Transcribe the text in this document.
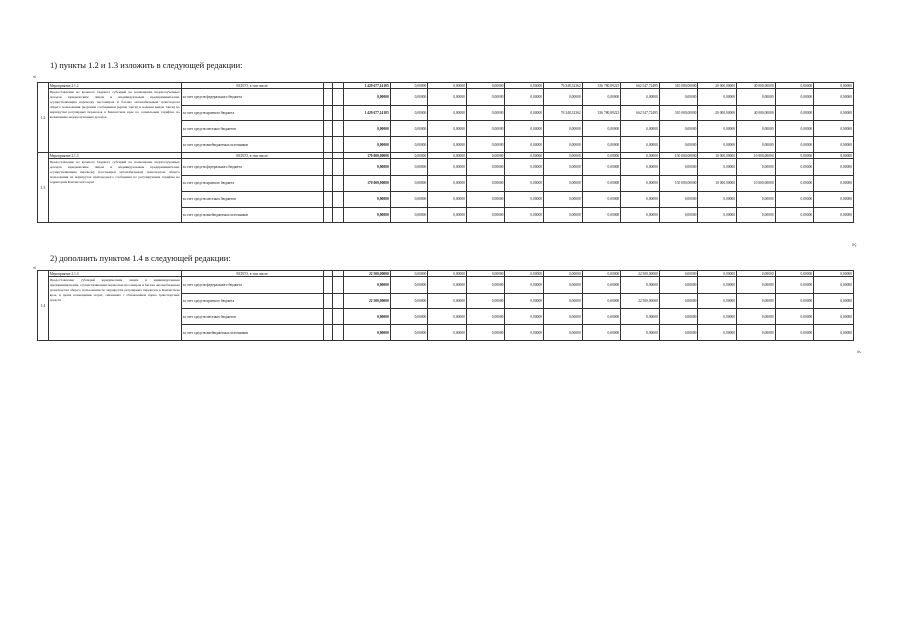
1) пункты 1.2 и 1.3 изложить в следующей редакции:
«
1.2	Мероприятие 2.1.2	ВСЕГО, в том числе:			1 429 677,14105	0,00000	0,00000	0,00000	0,00000	76 348,32362	336 780,89225	662 547,72495	310 000,00000	20 000,00000	40 000,00000	0,00000	0,00000
	Предоставление из краевого бюджета субсидий на возмещение недополученных доходов юридическим лицам и индивидуальным предпринимателям, осуществляющим перевозку пассажиров и багажа автомобильным транспортом общего пользования (морским сообщением (кроме такси) и водным видом такси) по маршрутам регулярных перевозок в Камчатском крае по социальным тарифам, на возмещение недополученных доходов	за счет средств федерального бюджета			0,00000	0,00000	0,00000	0,00000	0,00000	0,00000	0,00000	0,00000	0,00000	0,00000	0,00000	0,00000	0,00000
		за счет средств краевого бюджета			1 429 677,14105	0,00000	0,00000	0,00000	0,00000	76 348,32362	336 780,89225	662 547,72495	310 000,00000	20 000,00000	40 000,00000	0,00000	0,00000
		за счет средств местных бюджетов			0,00000	0,00000	0,00000	0,00000	0,00000	0,00000	0,00000	0,00000	0,00000	0,00000	0,00000	0,00000	0,00000
		за счет средств внебюджетных источников			0,00000	0,00000	0,00000	0,00000	0,00000	0,00000	0,00000	0,00000	0,00000	0,00000	0,00000	0,00000	0,00000
1.3	Мероприятие 2.1.3	ВСЕГО, в том числе:			170 000,00000	0,00000	0,00000	0,00000	0,00000	0,00000	0,00000	0,00000	150 000,00000	10 000,00000	10 000,00000	0,00000	0,00000
	Предоставление из краевого бюджета субсидий на возмещение недополученных доходов юридическим лицам и индивидуальным предпринимателям, осуществляющим перевозку пассажиров автомобильным транспортом общего пользования на маршрутах пригородного сообщения по регулируемым тарифам на территории Камчатского края	за счет средств федерального бюджета			0,00000	0,00000	0,00000	0,00000	0,00000	0,00000	0,00000	0,00000	0,00000	0,00000	0,00000	0,00000	0,00000
		за счет средств краевого бюджета			170 000,00000	0,00000	0,00000	0,00000	0,00000	0,00000	0,00000	0,00000	150 000,00000	10 000,00000	10 000,00000	0,00000	0,00000
		за счет средств местных бюджетов			0,00000	0,00000	0,00000	0,00000	0,00000	0,00000	0,00000	0,00000	0,00000	0,00000	0,00000	0,00000	0,00000
		за счет средств внебюджетных источников			0,00000	0,00000	0,00000	0,00000	0,00000	0,00000	0,00000	0,00000	0,00000	0,00000	0,00000	0,00000	0,00000
»;
2) дополнить пунктом 1.4 в следующей редакции:
«
1.4	Мероприятие 2.1.4	ВСЕГО, в том числе:			22 500,00000	0,00000	0,00000	0,00000	0,00000	0,00000	0,00000	22 500,00000	0,00000	0,00000	0,00000	0,00000	0,00000
	Предоставление субсидий юридическим лицам и индивидуальным предпринимателям, осуществляющим перевозки пассажиров и багажа автомобильным транспортом общего пользования по маршрутам регулярных перевозок в Камчатском крае, в целях возмещения затрат, связанных с обновлением парка транспортных средств	за счет средств федерального бюджета			0,00000	0,00000	0,00000	0,00000	0,00000	0,00000	0,00000	0,00000	0,00000	0,00000	0,00000	0,00000	0,00000
		за счет средств краевого бюджета			22 500,00000	0,00000	0,00000	0,00000	0,00000	0,00000	0,00000	22 500,00000	0,00000	0,00000	0,00000	0,00000	0,00000
		за счет средств местных бюджетов			0,00000	0,00000	0,00000	0,00000	0,00000	0,00000	0,00000	0,00000	0,00000	0,00000	0,00000	0,00000	0,00000
		за счет средств внебюджетных источников			0,00000	0,00000	0,00000	0,00000	0,00000	0,00000	0,00000	0,00000	0,00000	0,00000	0,00000	0,00000	0,00000
».
